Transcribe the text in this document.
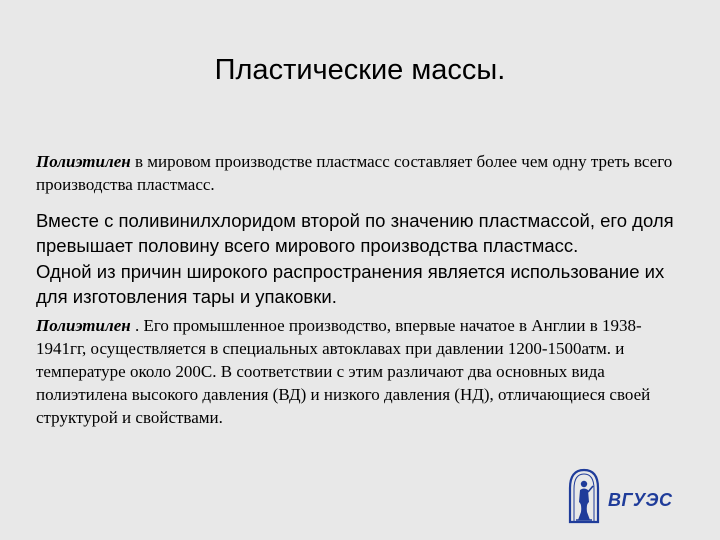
Пластические массы.

Полиэтилен в мировом производстве пластмасс составляет более чем одну треть всего производства пластмасс.

Вместе с поливинилхлоридом второй по значению пластмассой, его доля превышает половину всего мирового производства пластмасс.

Одной из причин широкого распространения является использование их для изготовления тары и упаковки.

Полиэтилен . Его промышленное производство, впервые начатое в Англии в 1938-1941гг, осуществляется в специальных автоклавах при давлении 1200-1500атм. и температуре около 200С. В соответствии с этим различают два основных вида полиэтилена высокого давления (ВД) и низкого давления (НД), отличающиеся своей структурой и свойствами.

ВГУЭС
